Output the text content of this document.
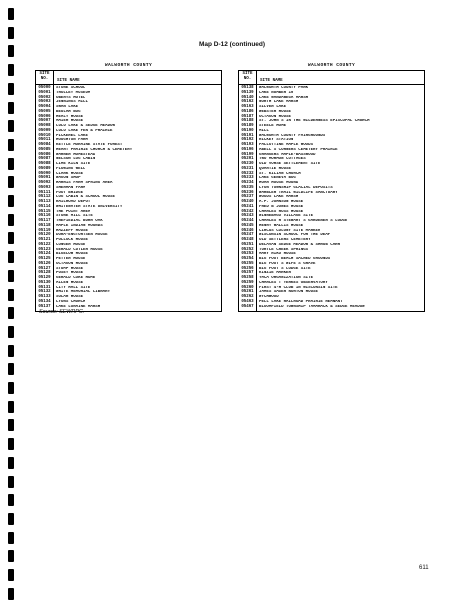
Map D-12 (continued)
WALWORTH COUNTY
SITE NO.
SITE NAME
05000	STONE SCHOOL
05001	TROLLEY MUSEUM
05002	OBERYS HOTEL
05003	JENNINGS MILL
05004	SWAN LAKE
05005	BEULAH BOG
05006	HEALY HOUSE
05007	MAIER HOUSE
05008	LULU LAKE & SEDGE MEADOW
05009	LULU LAKE FEN & PRAIRIE
05010	PICKEREL LAKE
05011	HOUGHTON FARM
05084	KETTLE MORAINE STATE FOREST
05085	HEART PRAIRIE CHURCH & CEMETERY
05086	WARNER HOMESTEAD
05087	NELSON LOG CABIN
05088	LIME KILN SITE
05089	FLOWING WELL
05090	CLARK HOUSE
05091	WAGON SHOP
05092	HARRIS FARM SPRING AREA
05093	SHERMAN FARM
05111	FOOT BRIDGE
05112	LOG CABIN & SCHOOL HOUSE
05113	RAILROAD DEPOT
05114	WHITEWATER STATE UNIVERSITY
05115	THE POINT AREA
05116	STONE MILL SITE
05117	TREFIEDIAL BURR OAK
05118	MAPLE INDIAN MOUNDS
05119	HAZZEFF HOUSE
05120	DORA-ENGTORTSEN HOUSE
05121	POLLOCK HOUSE
05122	CONGER HOUSE
05123	GERALD CUTLER HOUSE
05124	BIGELOW HOUSE
05125	PETTER HOUSE
05126	OCTAGON HOUSE
05127	STUMP HOUSE
05128	PUSEY HOUSE
05129	GERALD COKE HOME
05130	ALLEN HOUSE
05131	CITY HALL SITE
05132	WHITE MEMORIAL LIBRARY
05133	SOLAR HOUSE
05134	LYONS CHURCH
05137	LAKE LORAINE MARSH
WALWORTH COUNTY
SITE NO.
SITE NAME
05138	WALWORTH COUNTY PARK
05139	LAKE NUMBER 10
05140	LAKE WANDAWEGA MARSH
05162	NORTH LAKE MARSH
05163	SILVER LAKE
05186	WEBSTER HOUSE
05187	OCTAGON HOUSE
05188	ST. JOHN'S IN THE WILDERNESS EPISCOPAL CHURCH
05189	STEELE HOME
05190	MILL
05191	WALWORTH COUNTY FAIRGROUNDS
05192	RICKEY STATION
05193	PALLOTTINE MAPLE WOODS
05196	ABELL'S CORNERS CEMETERY PRAIRIE
05199	GRANGERS MAPLE-BASSWOOD
05201	TWO MORMON COTTAGES
05230	OLD VORSE SETTLEMENT SITE
05231	QUARTIE HOUSE
05232	ST. KILIAN CHURCH
05233	LAKE GENEVA BOG
05234	HOAR HOUSE MOUND
05235	LYON TOWNSHIP GLACIAL DEPOSITS
05236	WARBLER TRAIL WILDLIFE SANCTUARY
05237	WOODS LAKE MARSH
05240	A.P. JOHNSON HOUSE
05241	FRED B JONES HOUSE
05242	CHARLES ROSS HOUSE
05243	WINNEBAGO VILLAGE SITE
05244	CHARLES R STEWART'S GARDENER'S LODGE
05245	HENRY WALLIS HOUSE
05246	CIRCUS COLONY SITE MARKER
05247	WISCONSIN SCHOOL FOR THE DEAF
05248	OLD SETTLERS CEMETERY
05251	DELAVAN SEDGE MEADOW & SHRUB CARR
05252	TURTLE CREEK SPRINGS
05253	MARY RIKO HOUSE
05254	BIG FOOT BEACH SACRED GROUNDS
05255	BIG FOOT'S WIFE'S GRAVE
05256	BIG FOOT'S LODGE SITE
05257	KINZIE MARKER
05258	YMCA ORGANIZATION SITE
05259	CHARLES T YERKES OBSERVATORY
05260	FIRST 4-H CLUB IN WISCONSIN SITE
05261	JAMES SAGER NORTON HOUSE
05262	WYCHWOOD
05463	PELL LAKE RAILROAD PRAIRIE REMNANT
05467	BLOOMFIELD TOWNSHIP TAMARACK & SEDGE MEADOW
Source: SEWRPC.
611
